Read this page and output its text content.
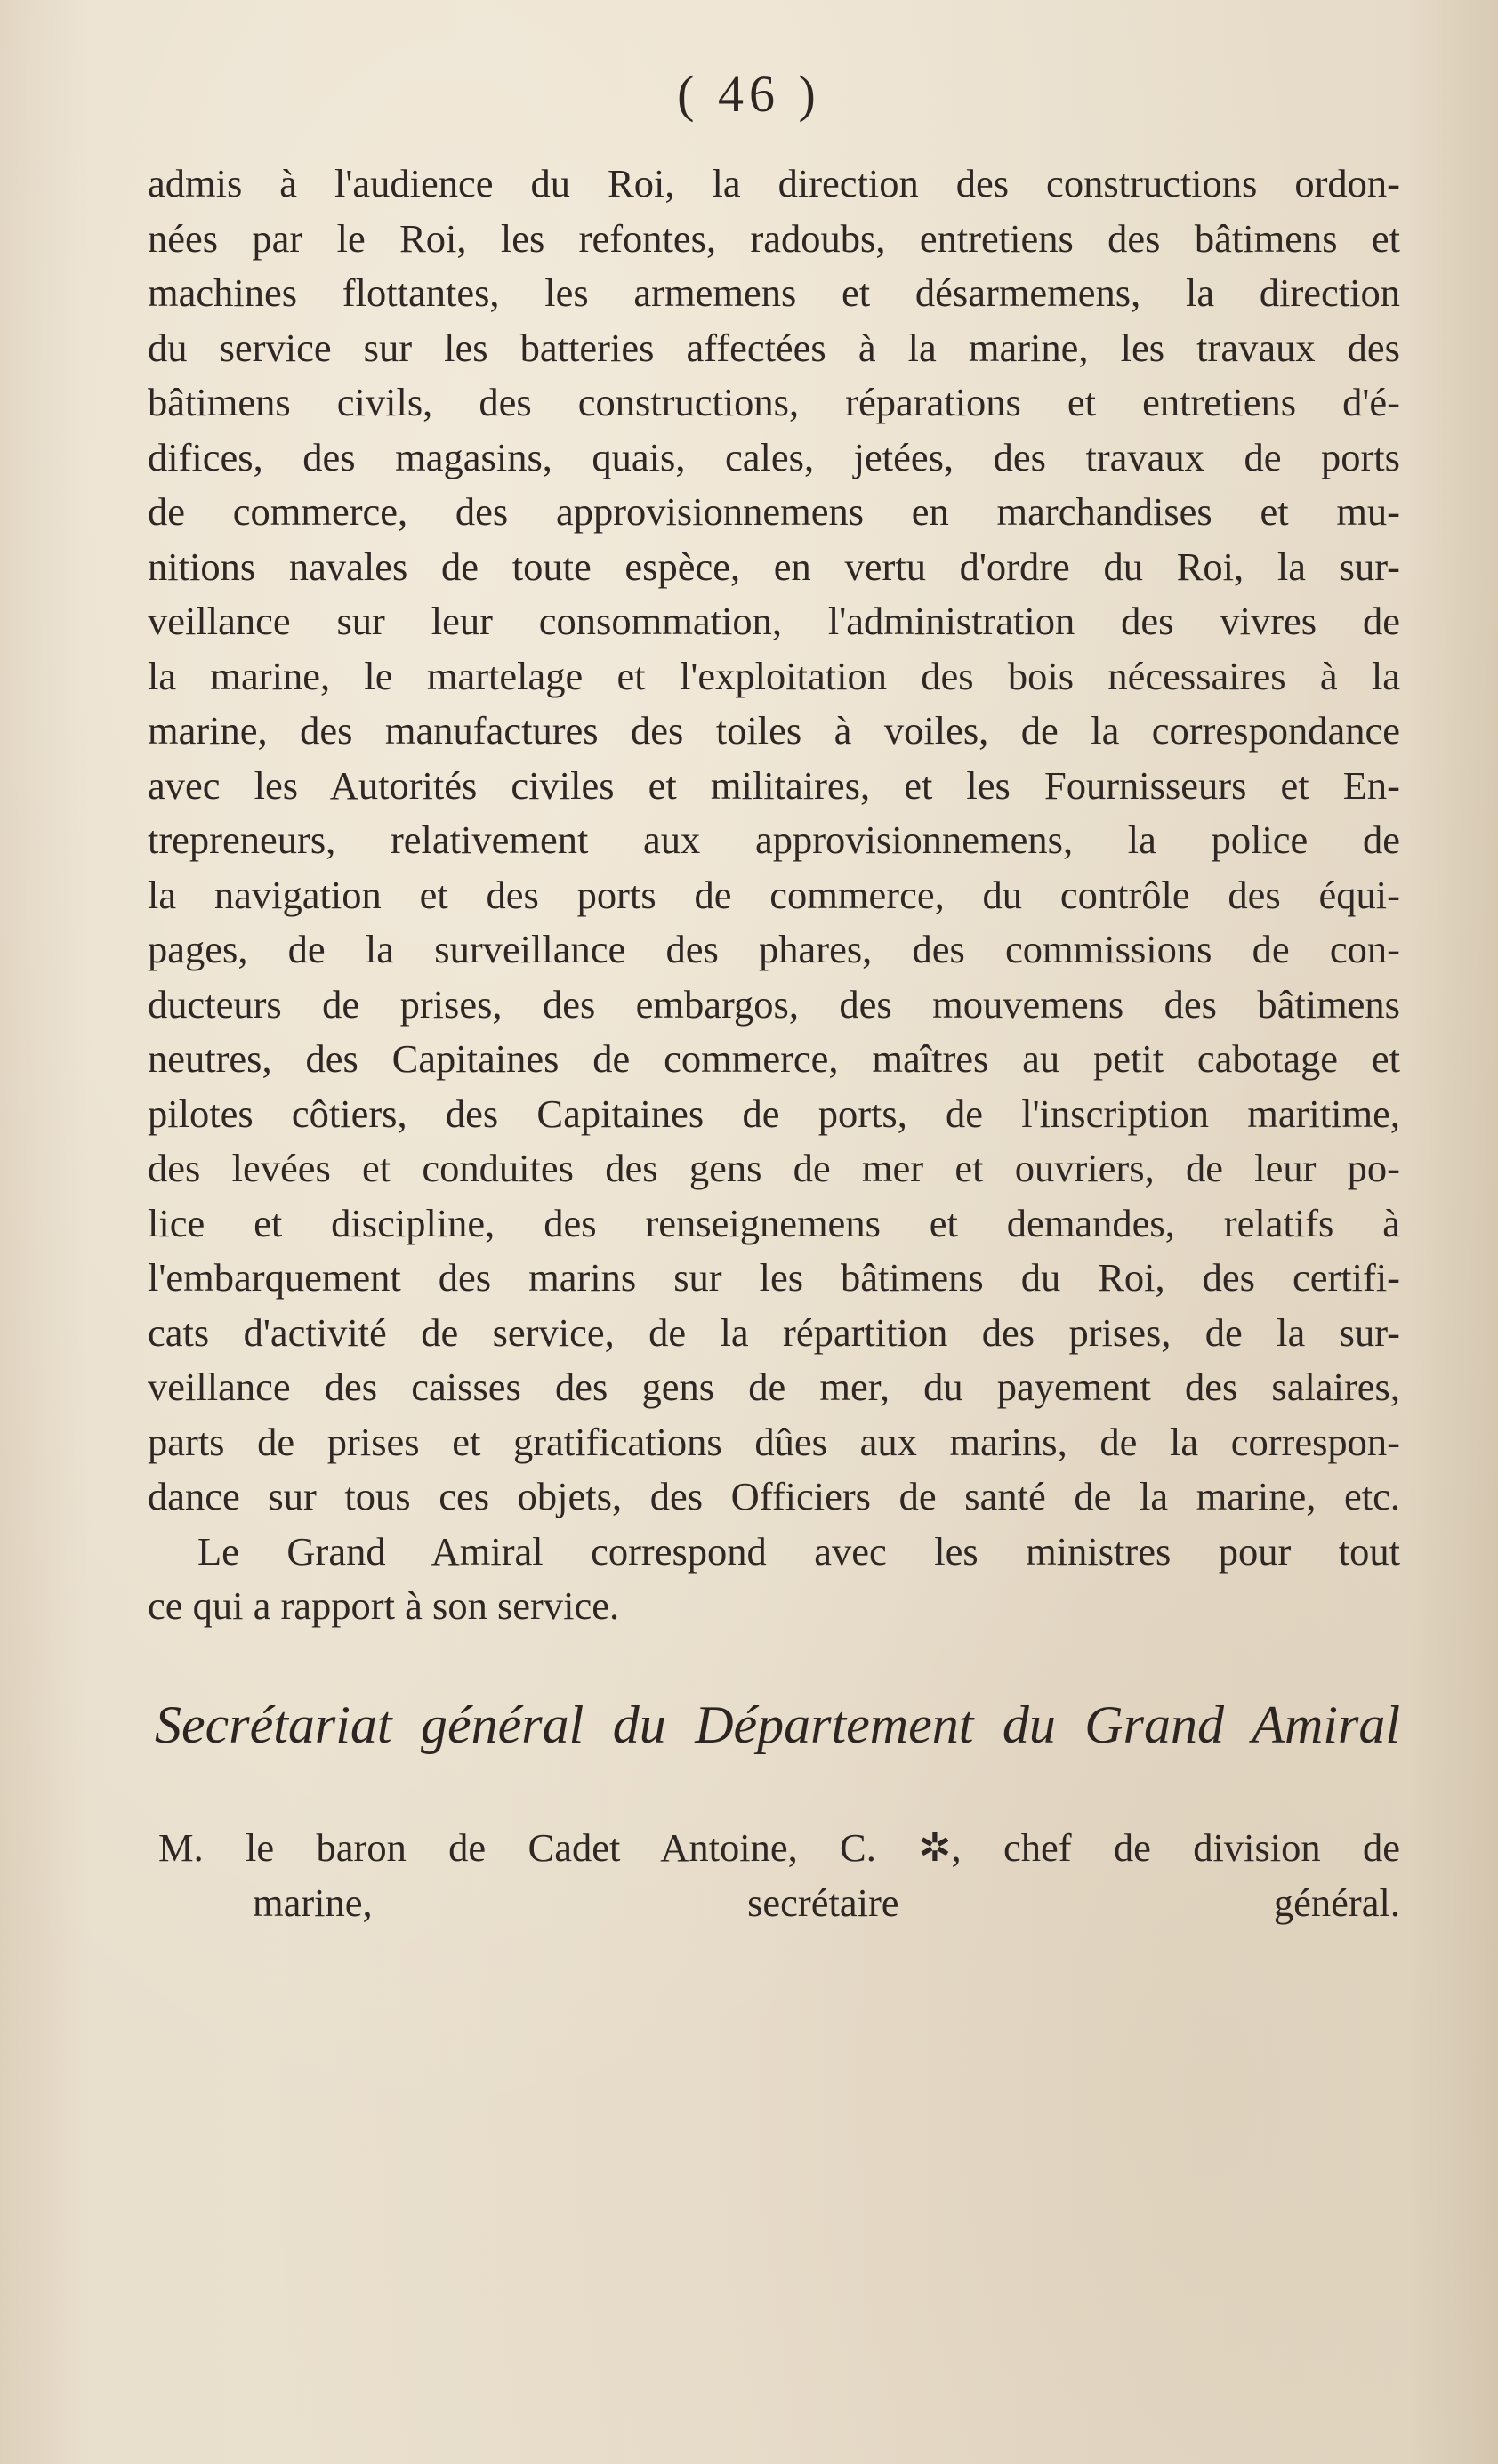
( 46 )
admis à l'audience du Roi, la direction des constructions ordon-
nées par le Roi, les refontes, radoubs, entretiens des bâtimens et
machines flottantes, les armemens et désarmemens, la direction
du service sur les batteries affectées à la marine, les travaux des
bâtimens civils, des constructions, réparations et entretiens d'é-
difices, des magasins, quais, cales, jetées, des travaux de ports
de commerce, des approvisionnemens en marchandises et mu-
nitions navales de toute espèce, en vertu d'ordre du Roi, la sur-
veillance sur leur consommation, l'administration des vivres de
la marine, le martelage et l'exploitation des bois nécessaires à la
marine, des manufactures des toiles à voiles, de la correspondance
avec les Autorités civiles et militaires, et les Fournisseurs et En-
trepreneurs, relativement aux approvisionnemens, la police de
la navigation et des ports de commerce, du contrôle des équi-
pages, de la surveillance des phares, des commissions de con-
ducteurs de prises, des embargos, des mouvemens des bâtimens
neutres, des Capitaines de commerce, maîtres au petit cabotage et
pilotes côtiers, des Capitaines de ports, de l'inscription maritime,
des levées et conduites des gens de mer et ouvriers, de leur po-
lice et discipline, des renseignemens et demandes, relatifs à
l'embarquement des marins sur les bâtimens du Roi, des certifi-
cats d'activité de service, de la répartition des prises, de la sur-
veillance des caisses des gens de mer, du payement des salaires,
parts de prises et gratifications dûes aux marins, de la correspon-
dance sur tous ces objets, des Officiers de santé de la marine, etc.
Le Grand Amiral correspond avec les ministres pour tout
ce qui a rapport à son service.
Secrétariat général du Département du Grand Amiral
M. le baron de Cadet Antoine, C. ✲, chef de division de
marine, secrétaire général.
